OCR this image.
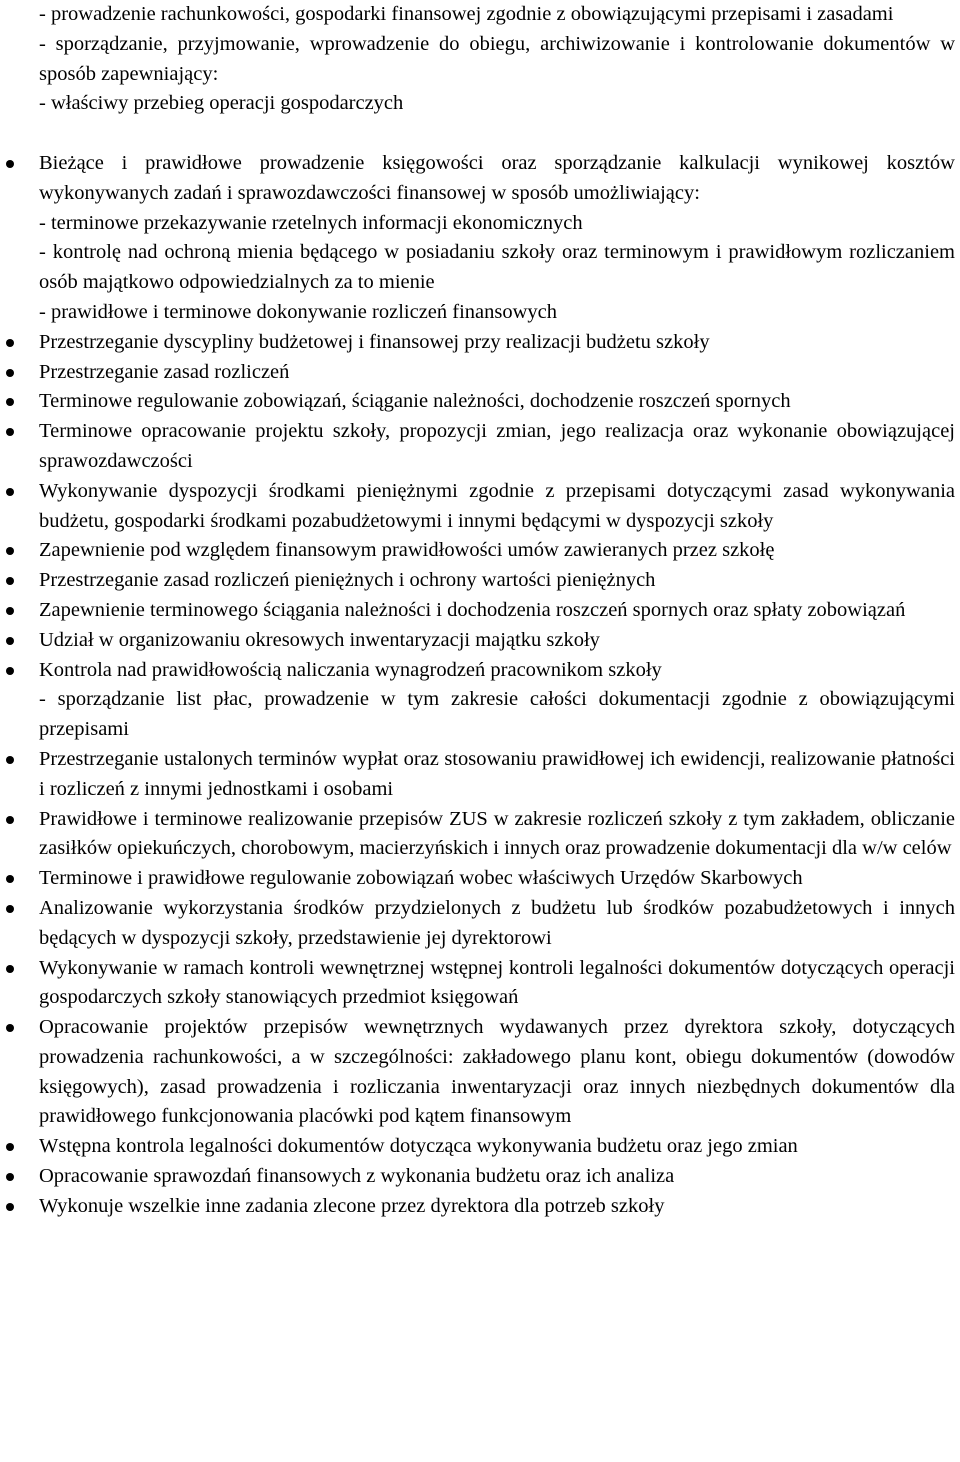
- prowadzenie rachunkowości, gospodarki finansowej zgodnie z obowiązującymi przepisami i zasadami
- sporządzanie, przyjmowanie, wprowadzenie do obiegu, archiwizowanie i kontrolowanie dokumentów w sposób zapewniający:
- właściwy przebieg operacji gospodarczych
Bieżące i prawidłowe prowadzenie księgowości oraz sporządzanie kalkulacji wynikowej kosztów wykonywanych zadań i sprawozdawczości finansowej w sposób umożliwiający:
- terminowe przekazywanie rzetelnych informacji ekonomicznych
- kontrolę nad ochroną mienia będącego w posiadaniu szkoły oraz terminowym i prawidłowym rozliczaniem osób majątkowo odpowiedzialnych za to mienie
- prawidłowe i terminowe dokonywanie rozliczeń finansowych
Przestrzeganie dyscypliny budżetowej i finansowej przy realizacji budżetu szkoły
Przestrzeganie zasad rozliczeń
Terminowe regulowanie zobowiązań, ściąganie należności, dochodzenie roszczeń spornych
Terminowe opracowanie projektu szkoły, propozycji zmian, jego realizacja oraz wykonanie obowiązującej sprawozdawczości
Wykonywanie dyspozycji środkami pieniężnymi zgodnie z przepisami dotyczącymi zasad wykonywania budżetu, gospodarki środkami pozabudżetowymi i innymi będącymi w dyspozycji szkoły
Zapewnienie pod względem finansowym prawidłowości umów zawieranych przez szkołę
Przestrzeganie zasad rozliczeń pieniężnych i ochrony wartości pieniężnych
Zapewnienie terminowego ściągania należności i dochodzenia roszczeń spornych oraz spłaty zobowiązań
Udział w organizowaniu okresowych inwentaryzacji majątku szkoły
Kontrola nad prawidłowością naliczania wynagrodzeń pracownikom szkoły
- sporządzanie list płac, prowadzenie w tym zakresie całości dokumentacji zgodnie z obowiązującymi przepisami
Przestrzeganie ustalonych terminów wypłat oraz stosowaniu prawidłowej ich ewidencji, realizowanie płatności i rozliczeń z innymi jednostkami i osobami
Prawidłowe i terminowe realizowanie przepisów ZUS w zakresie rozliczeń szkoły z tym zakładem, obliczanie zasiłków opiekuńczych, chorobowym, macierzyńskich i innych oraz prowadzenie dokumentacji dla w/w celów
Terminowe i prawidłowe regulowanie zobowiązań wobec właściwych Urzędów Skarbowych
Analizowanie wykorzystania środków przydzielonych z budżetu lub środków pozabudżetowych i innych będących w dyspozycji szkoły, przedstawienie jej dyrektorowi
Wykonywanie w ramach kontroli wewnętrznej wstępnej kontroli legalności dokumentów dotyczących operacji gospodarczych szkoły stanowiących przedmiot księgowań
Opracowanie projektów przepisów wewnętrznych wydawanych przez dyrektora szkoły, dotyczących prowadzenia rachunkowości, a w szczególności: zakładowego planu kont, obiegu dokumentów (dowodów księgowych), zasad prowadzenia i rozliczania inwentaryzacji oraz innych niezbędnych dokumentów dla prawidłowego funkcjonowania placówki pod kątem finansowym
Wstępna kontrola legalności dokumentów dotycząca wykonywania budżetu oraz jego zmian
Opracowanie sprawozdań finansowych z wykonania budżetu oraz ich analiza
Wykonuje wszelkie inne zadania zlecone przez dyrektora dla potrzeb szkoły
